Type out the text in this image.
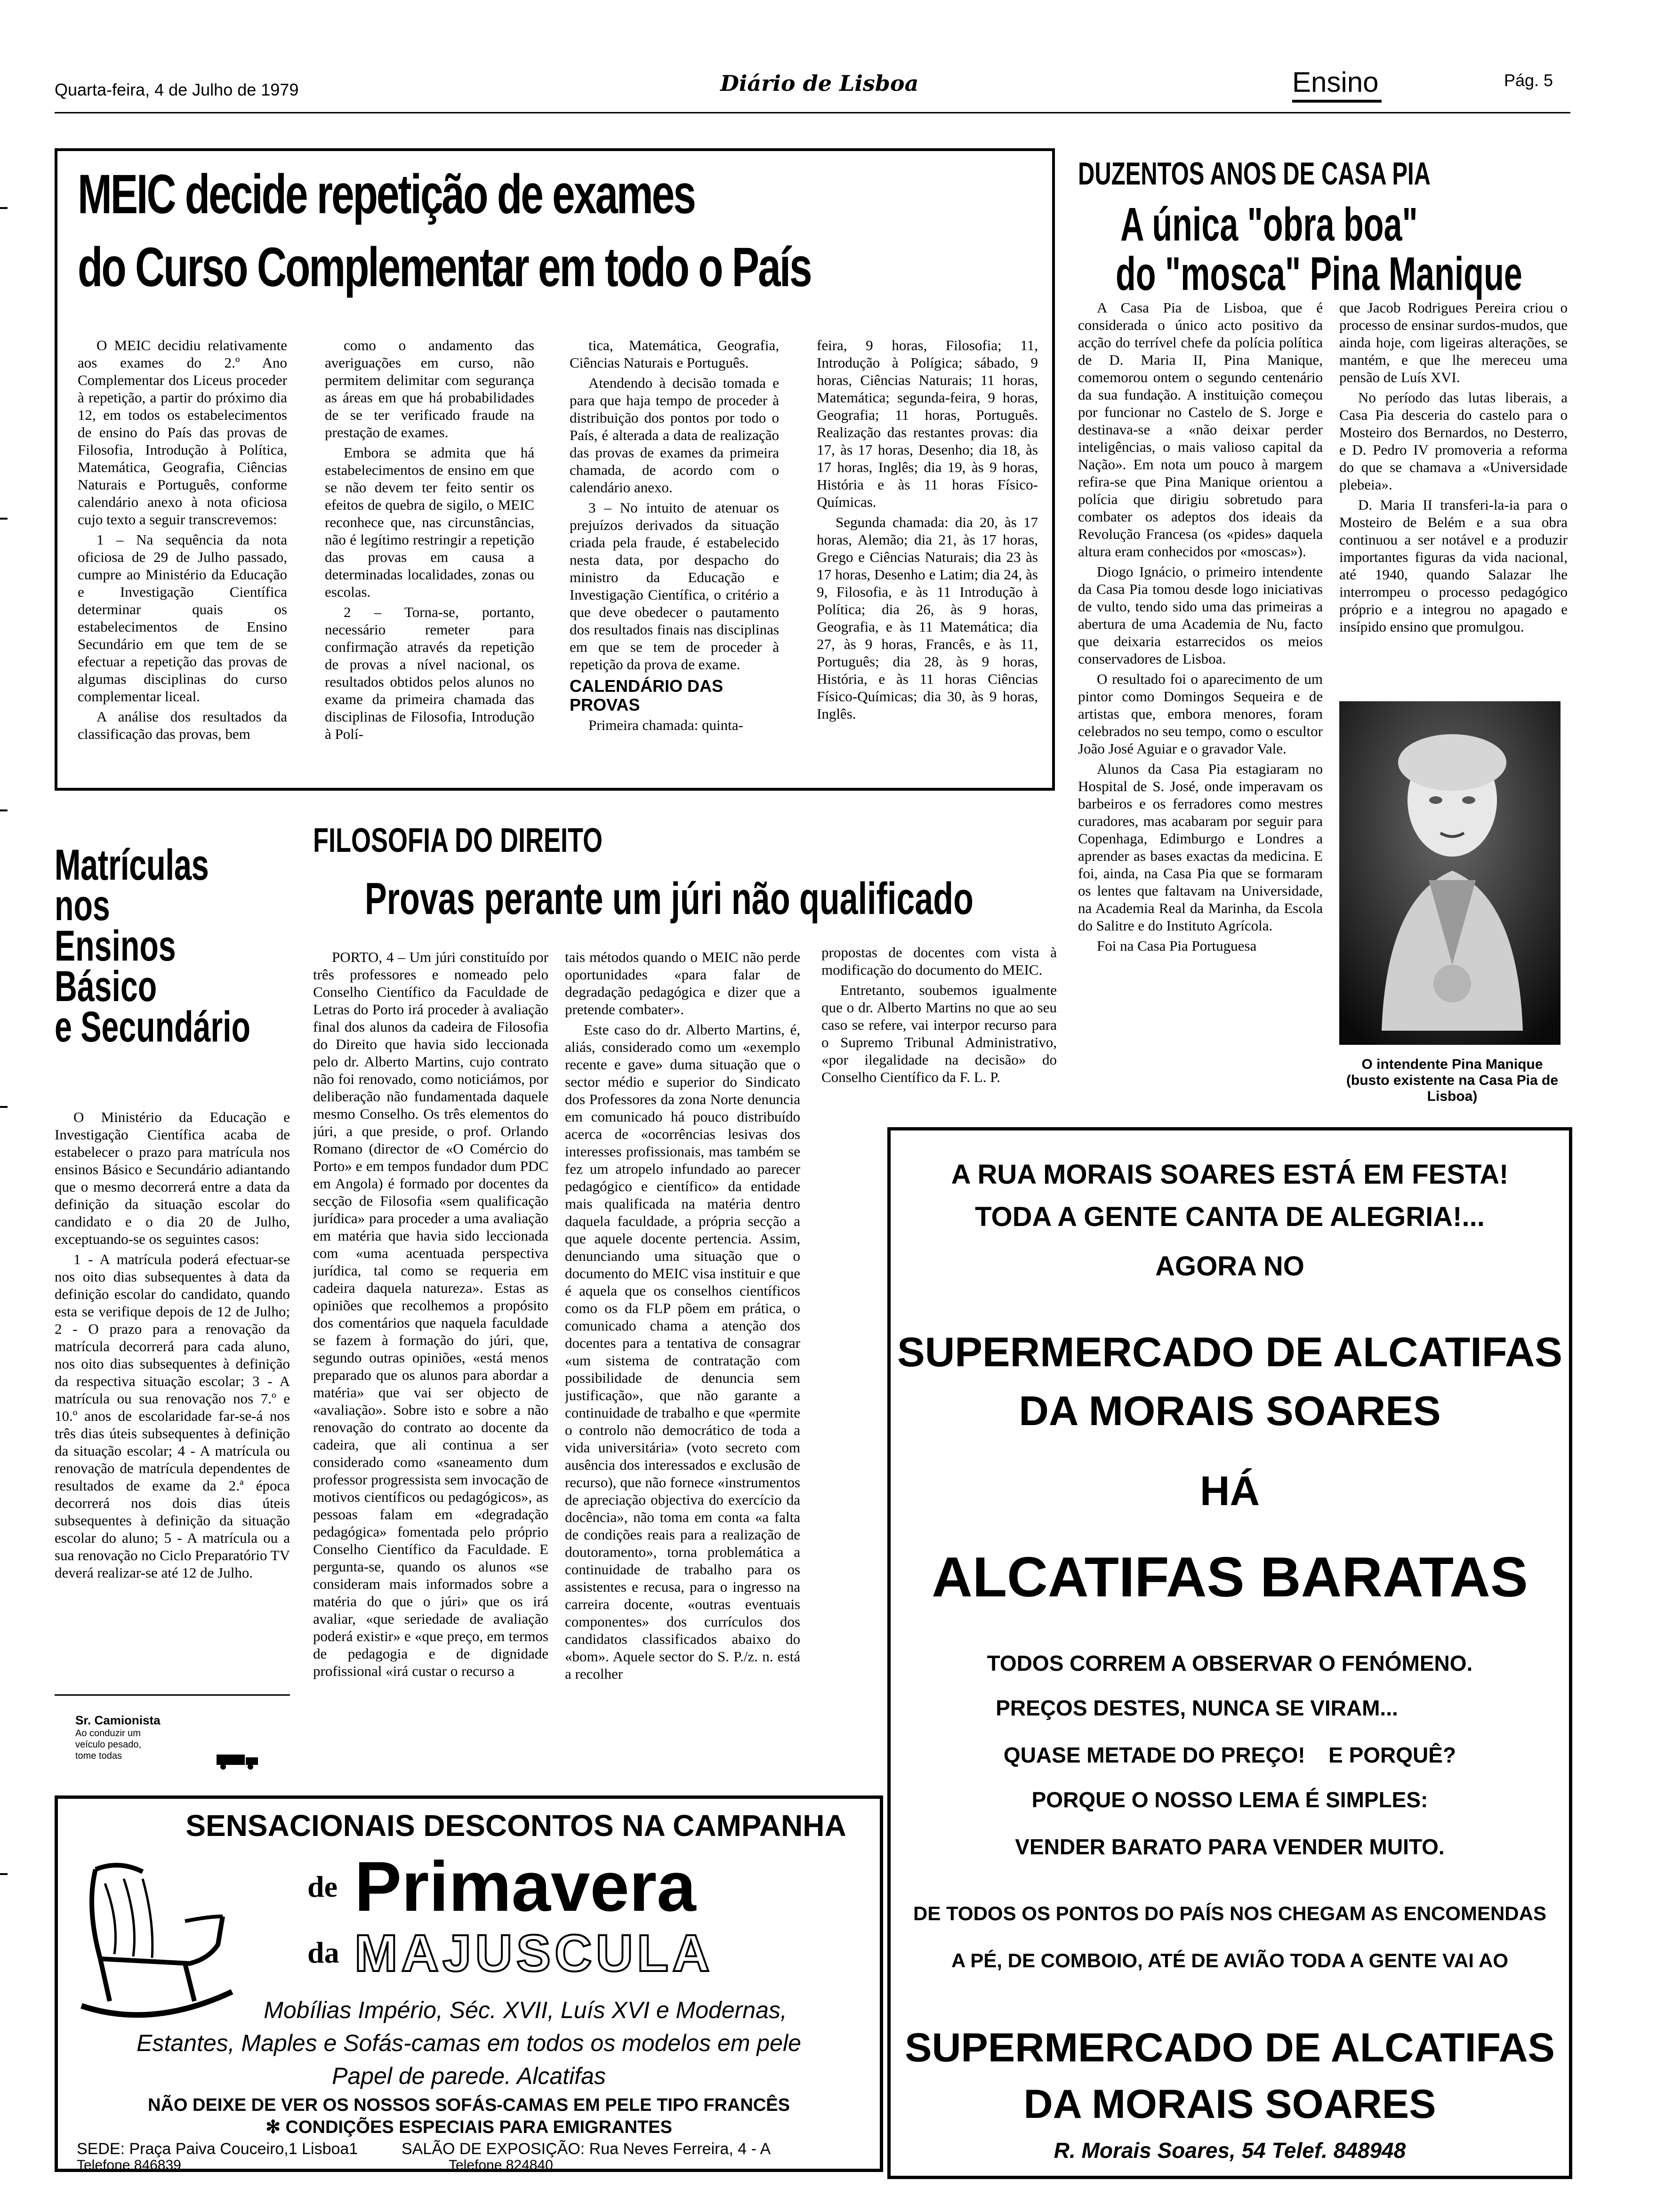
Quarta-feira, 4 de Julho de 1979	Diário de Lisboa	Ensino	Pág. 5
MEIC decide repetição de exames
do Curso Complementar em todo o País

O MEIC decidiu relativamente aos exames do 2.º Ano Complementar dos Liceus proceder à repetição, a partir do próximo dia 12, em todos os estabelecimentos de ensino do País das provas de Filosofia, Introdução à Política, Matemática, Geografia, Ciências Naturais e Português, conforme calendário anexo à nota oficiosa cujo texto a seguir transcrevemos:

1 – Na sequência da nota oficiosa de 29 de Julho passado, cumpre ao Ministério da Educação e Investigação Científica determinar quais os estabelecimentos de Ensino Secundário em que tem de se efectuar a repetição das provas de algumas disciplinas do curso complementar liceal.

A análise dos resultados da classificação das provas, bem

como o andamento das averiguações em curso, não permitem delimitar com segurança as áreas em que há probabilidades de se ter verificado fraude na prestação de exames.

Embora se admita que há estabelecimentos de ensino em que se não devem ter feito sentir os efeitos de quebra de sigilo, o MEIC reconhece que, nas circunstâncias, não é legítimo restringir a repetição das provas em causa a determinadas localidades, zonas ou escolas.

2 – Torna-se, portanto, necessário remeter para confirmação através da repetição de provas a nível nacional, os resultados obtidos pelos alunos no exame da primeira chamada das disciplinas de Filosofia, Introdução à Polí-

tica, Matemática, Geografia, Ciências Naturais e Português.

Atendendo à decisão tomada e para que haja tempo de proceder à distribuição dos pontos por todo o País, é alterada a data de realização das provas de exames da primeira chamada, de acordo com o calendário anexo.

3 – No intuito de atenuar os prejuízos derivados da situação criada pela fraude, é estabelecido nesta data, por despacho do ministro da Educação e Investigação Científica, o critério a que deve obedecer o pautamento dos resultados finais nas disciplinas em que se tem de proceder à repetição da prova de exame.

CALENDÁRIO DAS PROVAS

Primeira chamada: quinta-

feira, 9 horas, Filosofia; 11, Introdução à Polígica; sábado, 9 horas, Ciências Naturais; 11 horas, Matemática; segunda-feira, 9 horas, Geografia; 11 horas, Português. Realização das restantes provas: dia 17, às 17 horas, Desenho; dia 18, às 17 horas, Inglês; dia 19, às 9 horas, História e às 11 horas Físico-Químicas.

Segunda chamada: dia 20, às 17 horas, Alemão; dia 21, às 17 horas, Grego e Ciências Naturais; dia 23 às 17 horas, Desenho e Latim; dia 24, às 9, Filosofia, e às 11 Introdução à Política; dia 26, às 9 horas, Geografia, e às 11 Matemática; dia 27, às 9 horas, Francês, e às 11, Português; dia 28, às 9 horas, História, e às 11 horas Ciências Físico-Químicas; dia 30, às 9 horas, Inglês.

DUZENTOS ANOS DE CASA PIA
A única "obra boa"
do "mosca" Pina Manique

A Casa Pia de Lisboa, que é considerada o único acto positivo da acção do terrível chefe da polícia política de D. Maria II, Pina Manique, comemorou ontem o segundo centenário da sua fundação. A instituição começou por funcionar no Castelo de S. Jorge e destinava-se a «não deixar perder inteligências, o mais valioso capital da Nação». Em nota um pouco à margem refira-se que Pina Manique orientou a polícia que dirigiu sobretudo para combater os adeptos dos ideais da Revolução Francesa (os «pides» daquela altura eram conhecidos por «moscas»).

Diogo Ignácio, o primeiro intendente da Casa Pia tomou desde logo iniciativas de vulto, tendo sido uma das primeiras a abertura de uma Academia de Nu, facto que deixaria estarrecidos os meios conservadores de Lisboa.

O resultado foi o aparecimento de um pintor como Domingos Sequeira e de artistas que, embora menores, foram celebrados no seu tempo, como o escultor João José Aguiar e o gravador Vale.

Alunos da Casa Pia estagiaram no Hospital de S. José, onde imperavam os barbeiros e os ferradores como mestres curadores, mas acabaram por seguir para Copenhaga, Edimburgo e Londres a aprender as bases exactas da medicina. E foi, ainda, na Casa Pia que se formaram os lentes que faltavam na Universidade, na Academia Real da Marinha, da Escola do Salitre e do Instituto Agrícola.

Foi na Casa Pia Portuguesa

que Jacob Rodrigues Pereira criou o processo de ensinar surdos-mudos, que ainda hoje, com ligeiras alterações, se mantém, e que lhe mereceu uma pensão de Luís XVI.

No período das lutas liberais, a Casa Pia desceria do castelo para o Mosteiro dos Bernardos, no Desterro, e D. Pedro IV promoveria a reforma do que se chamava a «Universidade plebeia».

D. Maria II transferi-la-ia para o Mosteiro de Belém e a sua obra continuou a ser notável e a produzir importantes figuras da vida nacional, até 1940, quando Salazar lhe interrompeu o processo pedagógico próprio e a integrou no apagado e insípido ensino que promulgou.

O intendente Pina Manique (busto existente na Casa Pia de Lisboa)
Matrículas
nos
Ensinos
Básico
e Secundário

O Ministério da Educação e Investigação Científica acaba de estabelecer o prazo para matrícula nos ensinos Básico e Secundário adiantando que o mesmo decorrerá entre a data da definição da situação escolar do candidato e o dia 20 de Julho, exceptuando-se os seguintes casos:

1 - A matrícula poderá efectuar-se nos oito dias subsequentes à data da definição escolar do candidato, quando esta se verifique depois de 12 de Julho; 2 - O prazo para a renovação da matrícula decorrerá para cada aluno, nos oito dias subsequentes à definição da respectiva situação escolar; 3 - A matrícula ou sua renovação nos 7.º e 10.º anos de escolaridade far-se-á nos três dias úteis subsequentes à definição da situação escolar; 4 - A matrícula ou renovação de matrícula dependentes de resultados de exame da 2.ª época decorrerá nos dois dias úteis subsequentes à definição da situação escolar do aluno; 5 - A matrícula ou a sua renovação no Ciclo Preparatório TV deverá realizar-se até 12 de Julho.

Sr. Camionista
Ao conduzir um veículo pesado, tome todas
FILOSOFIA DO DIREITO
Provas perante um júri não qualificado

PORTO, 4 – Um júri constituído por três professores e nomeado pelo Conselho Científico da Faculdade de Letras do Porto irá proceder à avaliação final dos alunos da cadeira de Filosofia do Direito que havia sido leccionada pelo dr. Alberto Martins, cujo contrato não foi renovado, como noticiámos, por deliberação não fundamentada daquele mesmo Conselho. Os três elementos do júri, a que preside, o prof. Orlando Romano (director de «O Comércio do Porto» e em tempos fundador dum PDC em Angola) é formado por docentes da secção de Filosofia «sem qualificação jurídica» para proceder a uma avaliação em matéria que havia sido leccionada com «uma acentuada perspectiva jurídica, tal como se requeria em cadeira daquela natureza». Estas as opiniões que recolhemos a propósito dos comentários que naquela faculdade se fazem à formação do júri, que, segundo outras opiniões, «está menos preparado que os alunos para abordar a matéria» que vai ser objecto de «avaliação». Sobre isto e sobre a não renovação do contrato ao docente da cadeira, que ali continua a ser considerado como «saneamento dum professor progressista sem invocação de motivos científicos ou pedagógicos», as pessoas falam em «degradação pedagógica» fomentada pelo próprio Conselho Científico da Faculdade. E pergunta-se, quando os alunos «se consideram mais informados sobre a matéria do que o júri» que os irá avaliar, «que seriedade de avaliação poderá existir» e «que preço, em termos de pedagogia e de dignidade profissional «irá custar o recurso a

tais métodos quando o MEIC não perde oportunidades «para falar de degradação pedagógica e dizer que a pretende combater».

Este caso do dr. Alberto Martins, é, aliás, considerado como um «exemplo recente e gave» duma situação que o sector médio e superior do Sindicato dos Professores da zona Norte denuncia em comunicado há pouco distribuído acerca de «ocorrências lesivas dos interesses profissionais, mas também se fez um atropelo infundado ao parecer pedagógico e científico» da entidade mais qualificada na matéria dentro daquela faculdade, a própria secção a que aquele docente pertencia. Assim, denunciando uma situação que o documento do MEIC visa instituir e que é aquela que os conselhos científicos como os da FLP põem em prática, o comunicado chama a atenção dos docentes para a tentativa de consagrar «um sistema de contratação com possibilidade de denuncia sem justificação», que não garante a continuidade de trabalho e que «permite o controlo não democrático de toda a vida universitária» (voto secreto com ausência dos interessados e exclusão de recurso), que não fornece «instrumentos de apreciação objectiva do exercício da docência», não toma em conta «a falta de condições reais para a realização de doutoramento», torna problemática a continuidade de trabalho para os assistentes e recusa, para o ingresso na carreira docente, «outras eventuais componentes» dos currículos dos candidatos classificados abaixo do «bom». Aquele sector do S. P./z. n. está a recolher

propostas de docentes com vista à modificação do documento do MEIC.

Entretanto, soubemos igualmente que o dr. Alberto Martins no que ao seu caso se refere, vai interpor recurso para o Supremo Tribunal Administrativo, «por ilegalidade na decisão» do Conselho Científico da F. L. P.

A RUA MORAIS SOARES ESTÁ EM FESTA!
TODA A GENTE CANTA DE ALEGRIA!...
AGORA NO
SUPERMERCADO DE ALCATIFAS
DA MORAIS SOARES
HÁ
ALCATIFAS BARATAS
TODOS CORREM A OBSERVAR O FENÓMENO.
PREÇOS DESTES, NUNCA SE VIRAM...
QUASE METADE DO PREÇO! E PORQUÊ?
PORQUE O NOSSO LEMA É SIMPLES:
VENDER BARATO PARA VENDER MUITO.
DE TODOS OS PONTOS DO PAÍS NOS CHEGAM AS ENCOMENDAS
A PÉ, DE COMBOIO, ATÉ DE AVIÃO TODA A GENTE VAI AO
SUPERMERCADO DE ALCATIFAS
DA MORAIS SOARES
R. Morais Soares, 54 Telef. 848948
SENSACIONAIS DESCONTOS NA CAMPANHA
de Primavera
da MAJUSCULA
Mobílias Império, Séc. XVII, Luís XVI e Modernas,
Estantes, Maples e Sofás-camas em todos os modelos em pele
Papel de parede. Alcatifas
NÃO DEIXE DE VER OS NOSSOS SOFÁS-CAMAS EM PELE TIPO FRANCÊS
✻ CONDIÇÕES ESPECIAIS PARA EMIGRANTES
SEDE: Praça Paiva Couceiro,1 Lisboa1	SALÃO DE EXPOSIÇÃO: Rua Neves Ferreira, 4 - A
Telefone 846839	Telefone 824840
